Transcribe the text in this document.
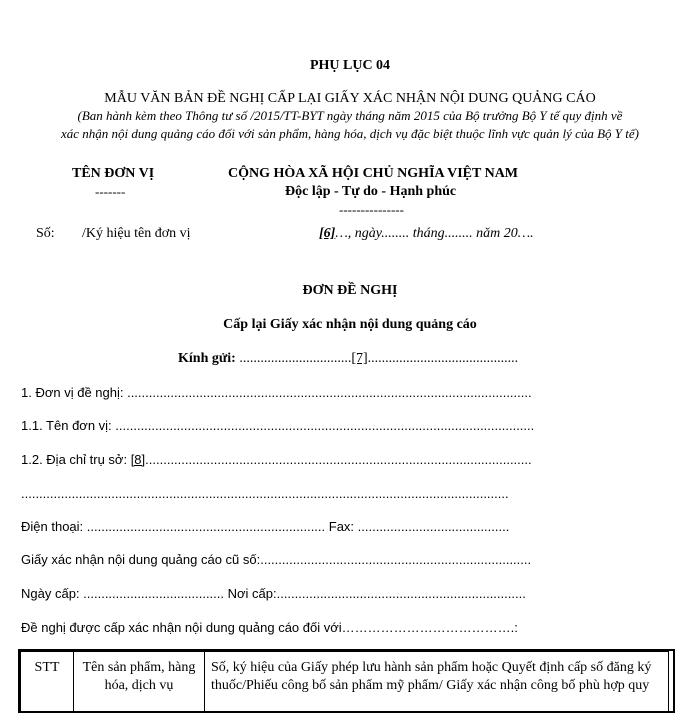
PHỤ LỤC 04
MẪU VĂN BẢN ĐỀ NGHỊ CẤP LẠI GIẤY XÁC NHẬN NỘI DUNG QUẢNG CÁO
(Ban hành kèm theo Thông tư số /2015/TT-BYT ngày tháng năm 2015 của Bộ trưởng Bộ Y tế quy định về
xác nhận nội dung quảng cáo đối với sản phẩm, hàng hóa, dịch vụ đặc biệt thuộc lĩnh vực quản lý của Bộ Y tế)
TÊN ĐƠN VỊ
-------
Số: /Ký hiệu tên đơn vị
CỘNG HÒA XÃ HỘI CHỦ NGHĨA VIỆT NAM
Độc lập - Tự do - Hạnh phúc
---------------
[6]…, ngày........ tháng........ năm 20….
ĐƠN ĐỀ NGHỊ
Cấp lại Giấy xác nhận nội dung quảng cáo
Kính gửi: ................................[7]...........................................
1. Đơn vị đề nghị: ................................................................................................................
1.1. Tên đơn vị: ....................................................................................................................
1.2. Địa chỉ trụ sở: [8]...........................................................................................................
.......................................................................................................................................
Điện thoại: .................................................................. Fax: ..........................................
Giấy xác nhận nội dung quảng cáo cũ số:...........................................................................
Ngày cấp: ....................................... Nơi cấp:.....................................................................
Đề nghị được cấp xác nhận nội dung quảng cáo đối với………………………………….:
STT	Tên sản phẩm, hàng hóa, dịch vụ	Số, ký hiệu của Giấy phép lưu hành sản phẩm hoặc Quyết định cấp số đăng ký thuốc/Phiếu công bố sản phẩm mỹ phẩm/ Giấy xác nhận công bố phù hợp quy
